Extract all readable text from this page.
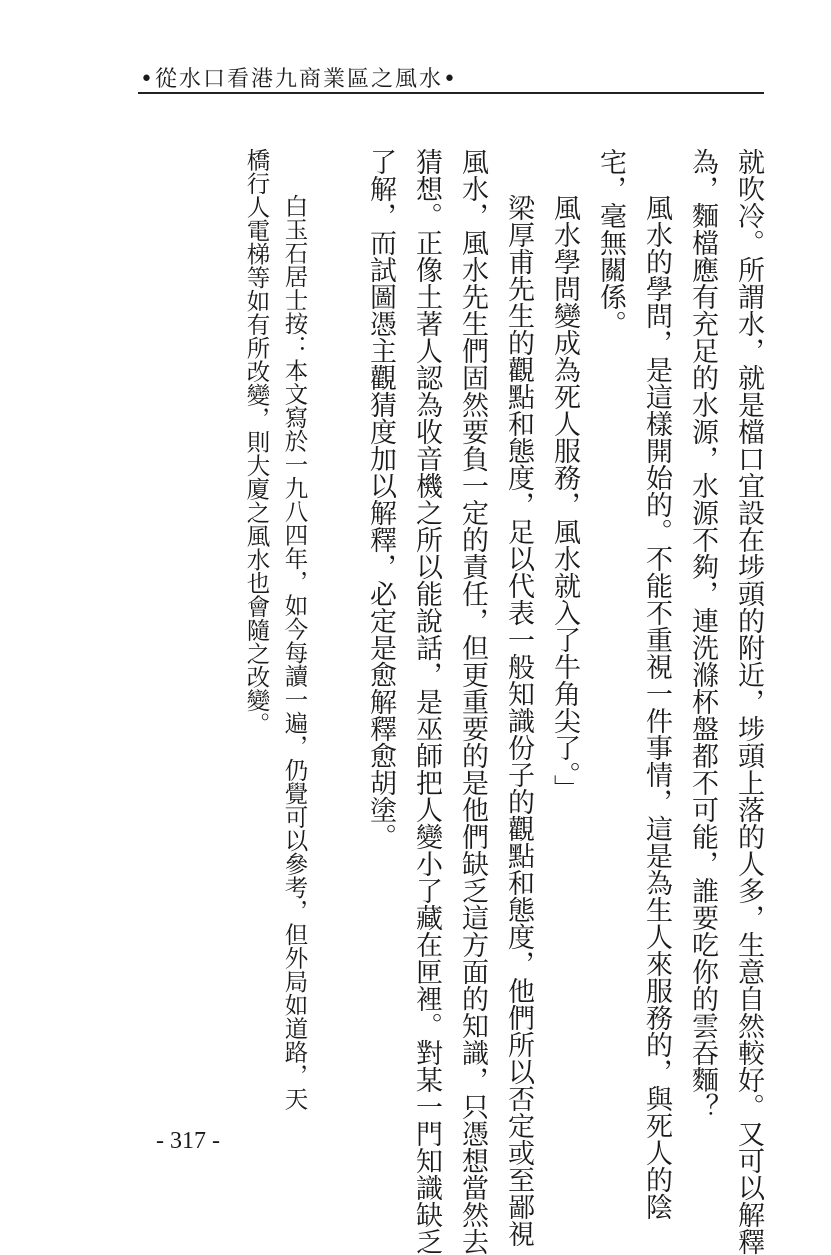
•從水口看港九商業區之風水•
就吹冷。所謂水，就是檔口宜設在埗頭的附近，埗頭上落的人多，生意自然較好。又可以解釋
為，麵檔應有充足的水源，水源不夠，連洗滌杯盤都不可能，誰要吃你的雲吞麵？
風水的學問，是這樣開始的。不能不重視一件事情，這是為生人來服務的，與死人的陰
宅，毫無關係。
風水學問變成為死人服務，風水就入了牛角尖了。」
梁厚甫先生的觀點和態度，足以代表一般知識份子的觀點和態度，他們所以否定或至鄙視
風水，風水先生們固然要負一定的責任，但更重要的是他們缺乏這方面的知識，只憑想當然去
猜想。正像土著人認為收音機之所以能說話，是巫師把人變小了藏在匣裡。對某一門知識缺乏
了解，而試圖憑主觀猜度加以解釋，必定是愈解釋愈胡塗。
白玉石居士按：本文寫於一九八四年，如今每讀一遍，仍覺可以參考，但外局如道路，天
橋行人電梯等如有所改變，則大廈之風水也會隨之改變。
- 317 -
